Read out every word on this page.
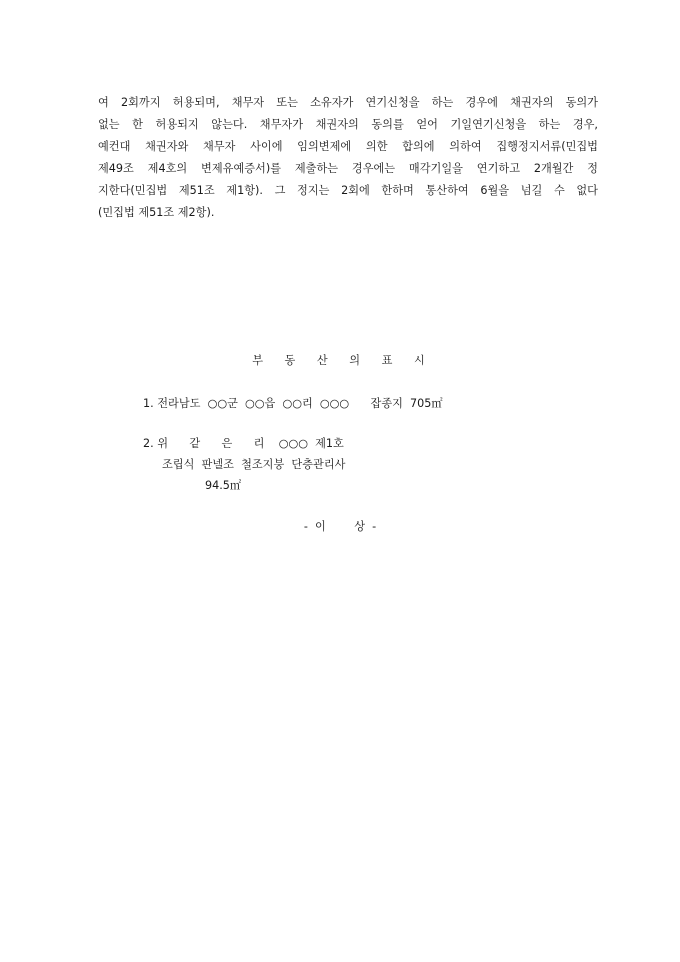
여 2회까지 허용되며, 채무자 또는 소유자가 연기신청을 하는 경우에 채권자의 동의가
없는 한 허용되지 않는다. 채무자가 채권자의 동의를 얻어 기일연기신청을 하는 경우,
예컨대 채권자와 채무자 사이에 임의변제에 의한 합의에 의하여 집행정지서류(민집법
제49조 제4호의 변제유예증서)를 제출하는 경우에는 매각기일을 연기하고 2개월간 정
지한다(민집법 제51조 제1항). 그 정지는 2회에 한하며 통산하여 6월을 넘길 수 없다
(민집법 제51조 제2항).
부 동 산 의 표 시
1. 전라남도  ○○군  ○○읍  ○○리  ○○○      잡종지  705㎡
2. 위      같      은      리    ○○○  제1호
조립식  판넬조  철조지붕  단층관리사
94.5㎡
-  이        상  -
